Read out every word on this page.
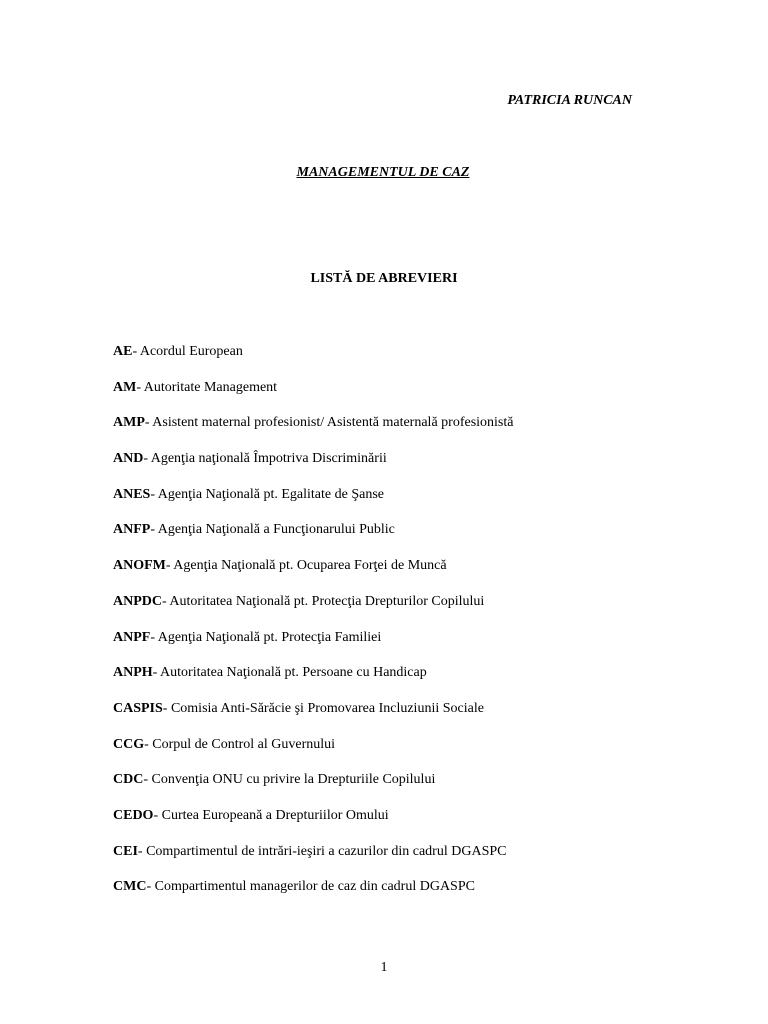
PATRICIA RUNCAN
MANAGEMENTUL DE CAZ
LISTĂ DE ABREVIERI
AE- Acordul European
AM- Autoritate Management
AMP- Asistent maternal profesionist/ Asistentă maternală profesionistă
AND- Agenţia naţională Împotriva Discriminării
ANES- Agenţia Naţională pt. Egalitate de Şanse
ANFP- Agenţia Naţională a Funcţionarului Public
ANOFM- Agenţia Naţională pt. Ocuparea Forţei de Muncă
ANPDC- Autoritatea Naţională pt. Protecţia Drepturilor Copilului
ANPF- Agenţia Naţională pt. Protecţia Familiei
ANPH- Autoritatea Naţională pt. Persoane cu Handicap
CASPIS- Comisia Anti-Sărăcie şi Promovarea Incluziunii Sociale
CCG- Corpul de Control al Guvernului
CDC- Convenţia ONU cu privire la Drepturiile Copilului
CEDO- Curtea Europeană a Drepturiilor Omului
CEI- Compartimentul de intrări-ieşiri a cazurilor din cadrul DGASPC
CMC- Compartimentul managerilor de caz din cadrul DGASPC
1
